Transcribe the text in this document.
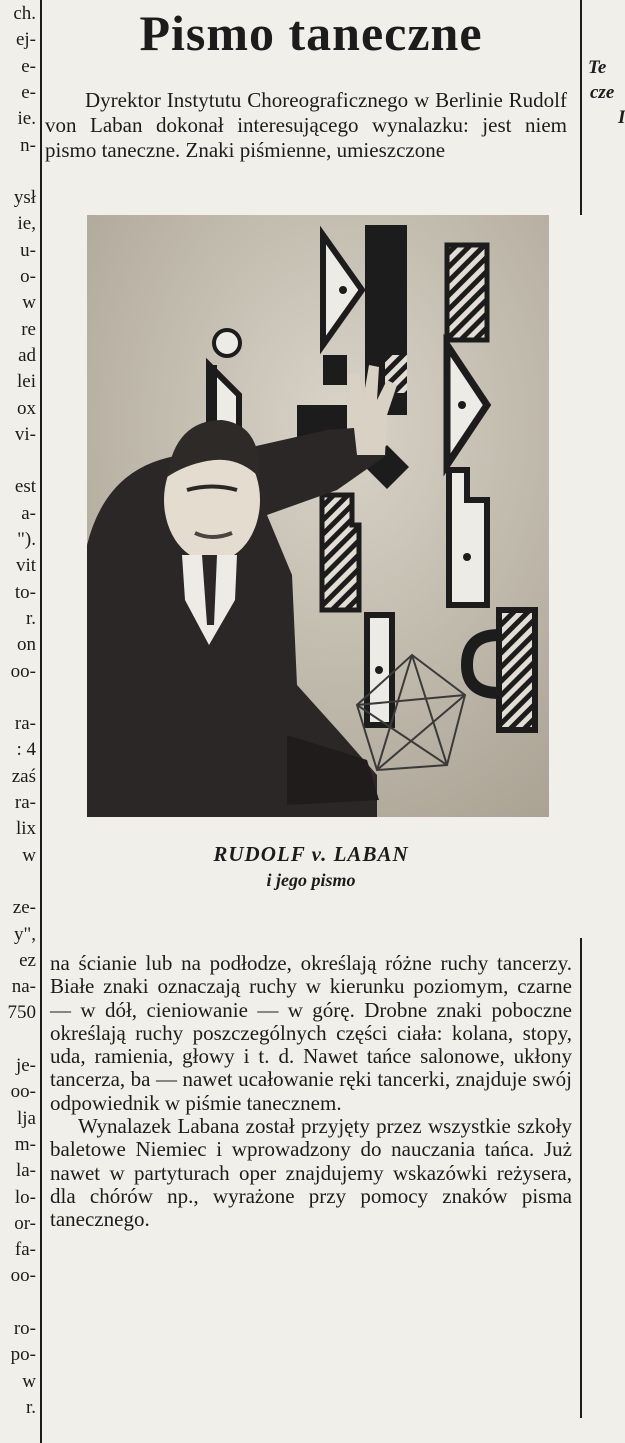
ch.
ej-
e-
e-
ie.
n-
ysł
ie,
u-
o-
w
re
ad
lei
ox
vi-
est
a-
").
vit
to-
r.
on
oo-
ra-
: 4
zaś
ra-
lix
w
ze-
y",
ez
na-
750
je-
oo-
lja
m-
la-
lo-
or-
fa-
oo-
ro-
po-
w
r.
Te
cze
I
Pismo taneczne

Dyrektor Instytutu Choreograficznego w Berlinie Rudolf von Laban dokonał interesującego wynalazku: jest niem pismo taneczne. Znaki piśmienne, umieszczone

RUDOLF v. LABAN

i jego pismo

na ścianie lub na podłodze, określają różne ruchy tancerzy. Białe znaki oznaczają ruchy w kierunku poziomym, czarne — w dół, cieniowanie — w górę. Drobne znaki poboczne określają ruchy poszczególnych części ciała: kolana, stopy, uda, ramienia, głowy i t. d. Nawet tańce salonowe, ukłony tancerza, ba — nawet ucałowanie ręki tancerki, znajduje swój odpowiednik w piśmie tanecznem.

Wynalazek Labana został przyjęty przez wszystkie szkoły baletowe Niemiec i wprowadzony do nauczania tańca. Już nawet w partyturach oper znajdujemy wskazówki reżysera, dla chórów np., wyrażone przy pomocy znaków pisma tanecznego.
